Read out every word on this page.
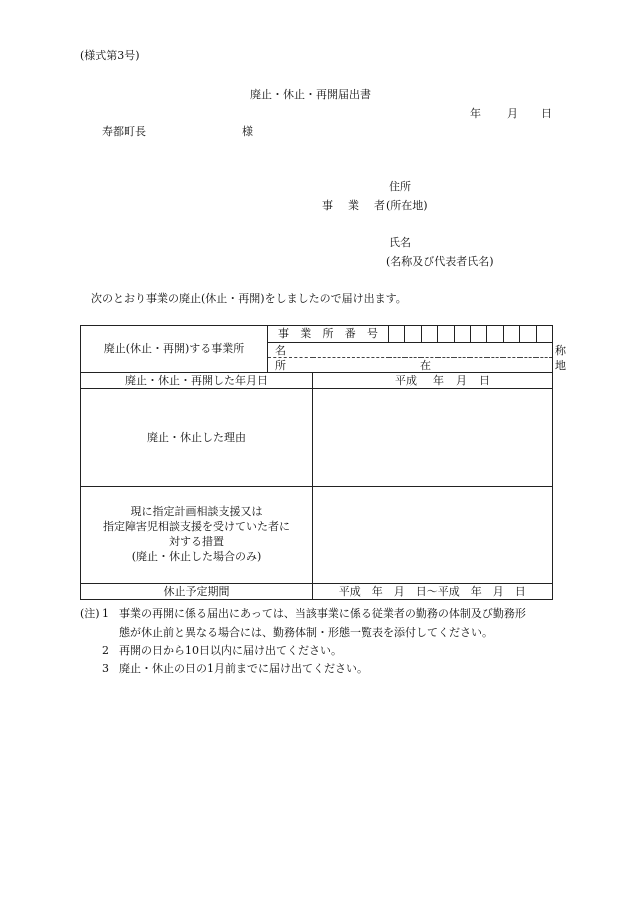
(様式第3号)
廃止・休止・再開届出書
年 月 日
寿都町長	様
住所
事 業 者 (所在地)
氏名
(名称及び代表者氏名)
次のとおり事業の廃止(休止・再開)をしましたので届け出ます。
廃止(休止・再開)する事業所	事 業 所 番 号											

	名 称											

	所 在 地											

廃止・休止・再開した年月日		平成 年 月 日										

廃止・休止した理由												

現に指定計画相談支援又は
指定障害児相談支援を受けていた者に
対する措置
(廃止・休止した場合のみ)												

休止予定期間		平成　年　月　日～平成　年　月　日										
(注) 1 事業の再開に係る届出にあっては、当該事業に係る従業者の勤務の体制及び勤務形
態が休止前と異なる場合には、勤務体制・形態一覧表を添付してください。
2 再開の日から10日以内に届け出てください。
3 廃止・休止の日の1月前までに届け出てください。
